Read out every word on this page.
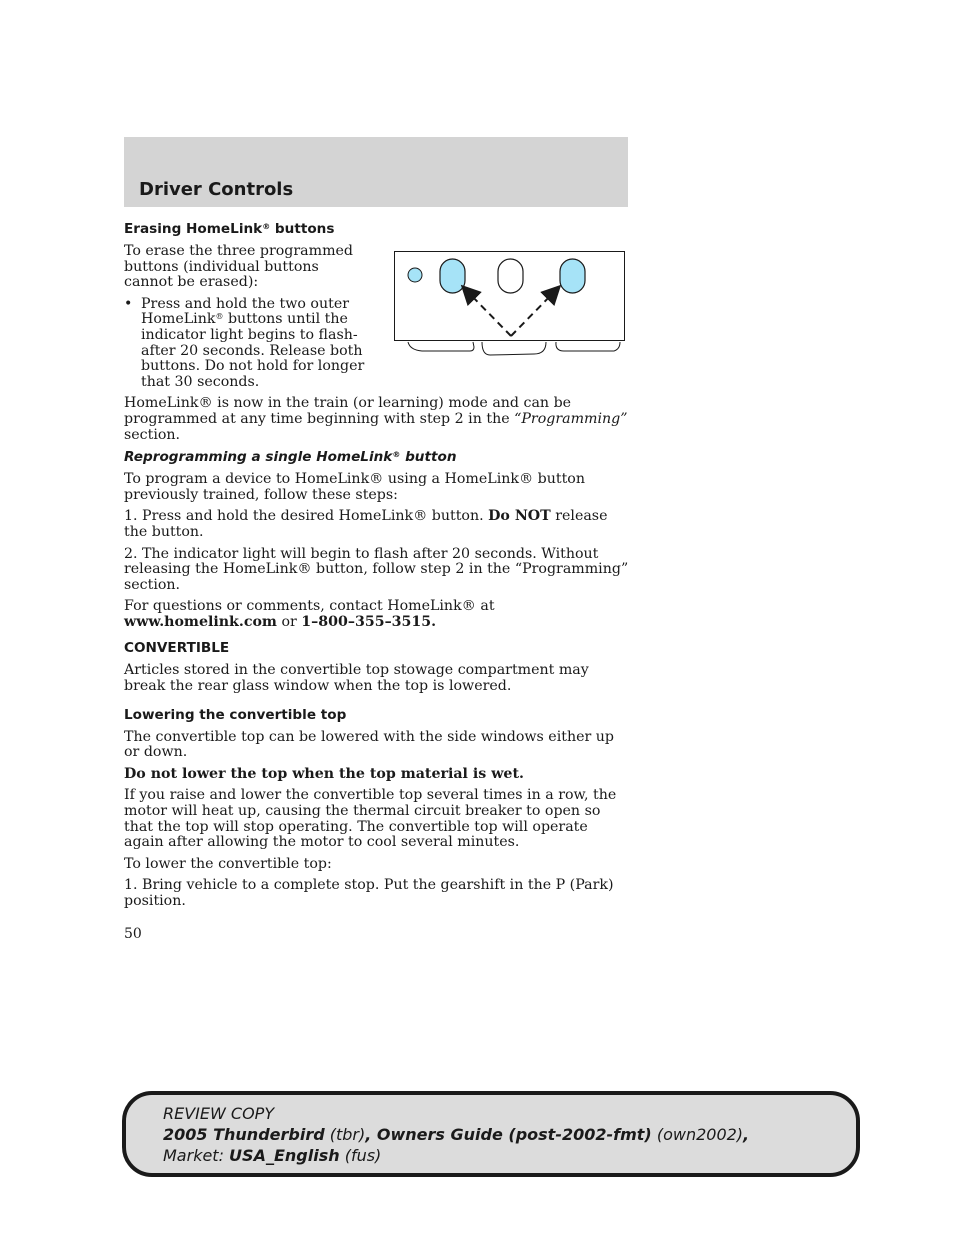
Driver Controls
Erasing HomeLink® buttons

To erase the three programmed buttons (individual buttons cannot be erased):

• Press and hold the two outer HomeLink® buttons until the indicator light begins to flash-after 20 seconds. Release both buttons. Do not hold for longer that 30 seconds.

HomeLink® is now in the train (or learning) mode and can be programmed at any time beginning with step 2 in the “Programming” section.

Reprogramming a single HomeLink® button

To program a device to HomeLink® using a HomeLink® button previously trained, follow these steps:

1. Press and hold the desired HomeLink® button. Do NOT release the button.

2. The indicator light will begin to flash after 20 seconds. Without releasing the HomeLink® button, follow step 2 in the “Programming” section.

For questions or comments, contact HomeLink® at www.homelink.com or 1–800–355–3515.

CONVERTIBLE

Articles stored in the convertible top stowage compartment may break the rear glass window when the top is lowered.

Lowering the convertible top

The convertible top can be lowered with the side windows either up or down.

Do not lower the top when the top material is wet.

If you raise and lower the convertible top several times in a row, the motor will heat up, causing the thermal circuit breaker to open so that the top will stop operating. The convertible top will operate again after allowing the motor to cool several minutes.

To lower the convertible top:

1. Bring vehicle to a complete stop. Put the gearshift in the P (Park) position.

50
REVIEW COPY
2005 Thunderbird (tbr), Owners Guide (post-2002-fmt) (own2002),
Market: USA_English (fus)
